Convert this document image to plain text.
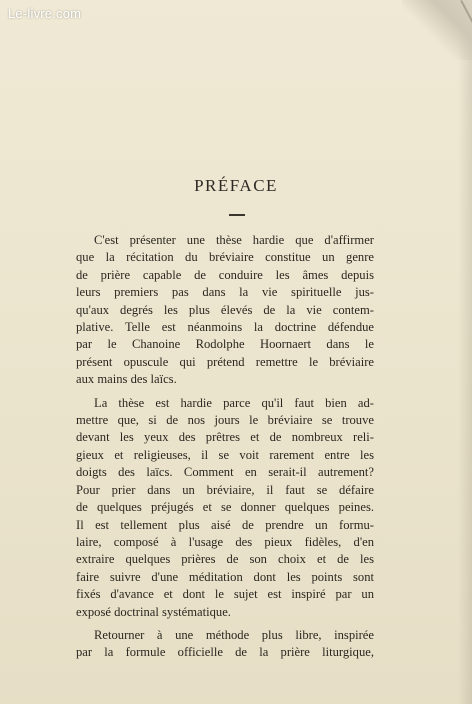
Le-livre.com
PRÉFACE

C'est présenter une thèse hardie que d'affirmer
que la récitation du bréviaire constitue un genre
de prière capable de conduire les âmes depuis
leurs premiers pas dans la vie spirituelle jus-
qu'aux degrés les plus élevés de la vie contem-
plative. Telle est néanmoins la doctrine défendue
par le Chanoine Rodolphe Hoornaert dans le
présent opuscule qui prétend remettre le bréviaire
aux mains des laïcs.

La thèse est hardie parce qu'il faut bien ad-
mettre que, si de nos jours le bréviaire se trouve
devant les yeux des prêtres et de nombreux reli-
gieux et religieuses, il se voit rarement entre les
doigts des laïcs. Comment en serait-il autrement?
Pour prier dans un bréviaire, il faut se défaire
de quelques préjugés et se donner quelques peines.
Il est tellement plus aisé de prendre un formu-
laire, composé à l'usage des pieux fidèles, d'en
extraire quelques prières de son choix et de les
faire suivre d'une méditation dont les points sont
fixés d'avance et dont le sujet est inspiré par un
exposé doctrinal systématique.

Retourner à une méthode plus libre, inspirée
par la formule officielle de la prière liturgique,
